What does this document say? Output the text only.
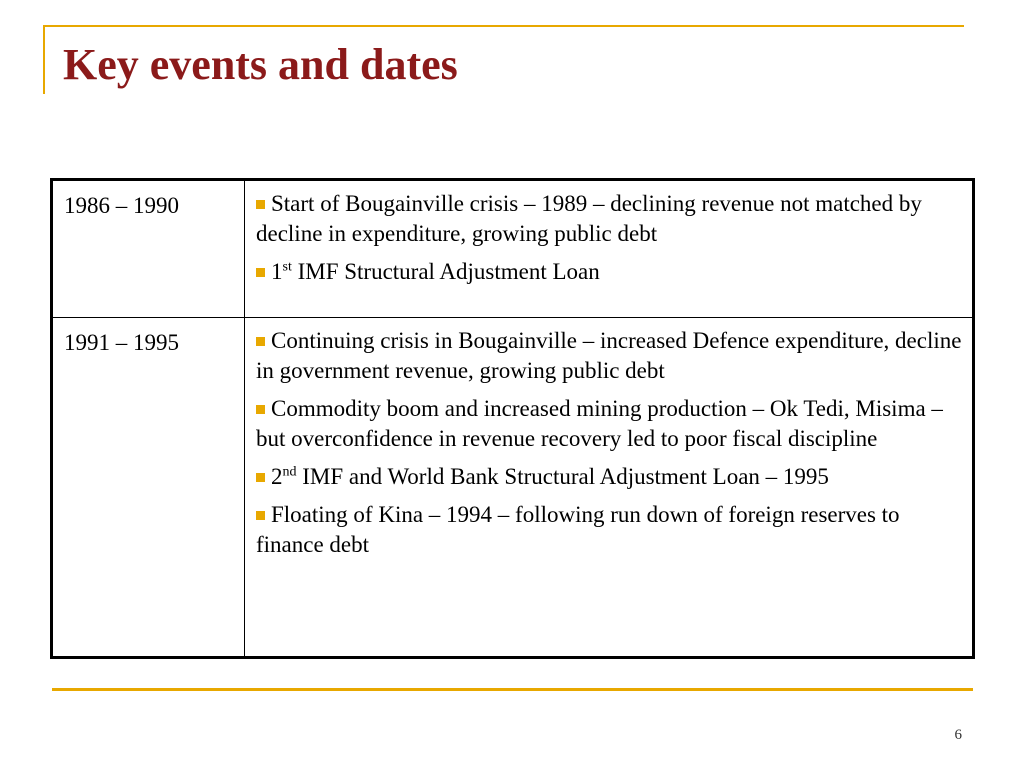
Key events and dates
1986 – 1990	Start of Bougainville crisis – 1989 – declining revenue not matched by decline in expenditure, growing public debt
1st IMF Structural Adjustment Loan

1991 – 1995	Continuing crisis in Bougainville – increased Defence expenditure, decline in government revenue, growing public debt
Commodity boom and increased mining production – Ok Tedi, Misima – but overconfidence in revenue recovery led to poor fiscal discipline
2nd IMF and World Bank Structural Adjustment Loan – 1995
Floating of Kina – 1994 – following run down of foreign reserves to finance debt
6
